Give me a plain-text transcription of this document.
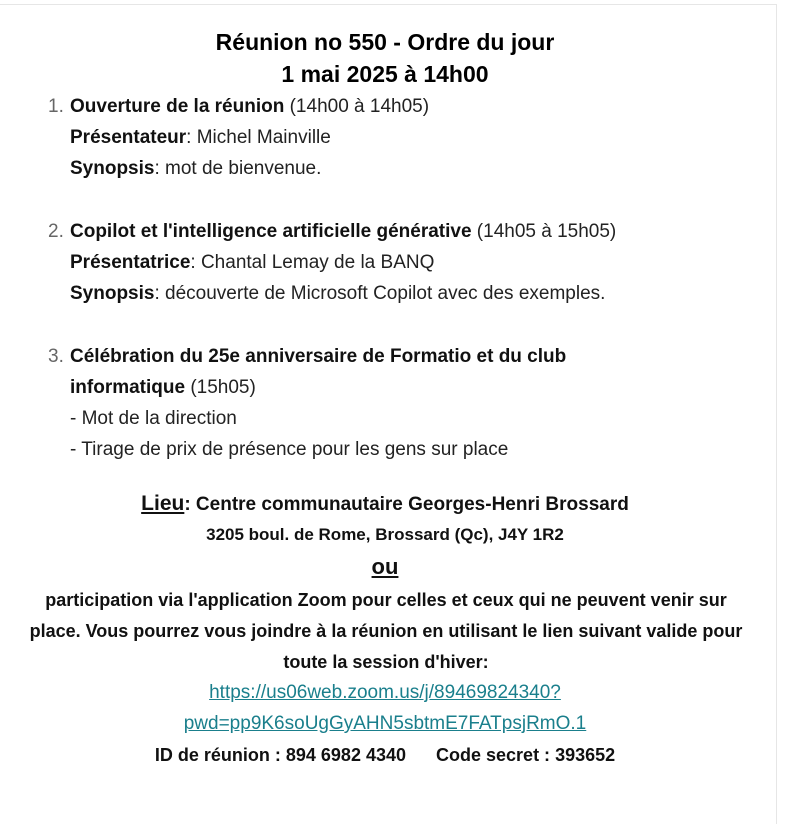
Réunion no 550 - Ordre du jour
1 mai 2025 à 14h00
1. Ouverture de la réunion (14h00 à 14h05)
Présentateur: Michel Mainville
Synopsis: mot de bienvenue.
2. Copilot et l'intelligence artificielle générative (14h05 à 15h05)
Présentatrice: Chantal Lemay de la BANQ
Synopsis: découverte de Microsoft Copilot avec des exemples.
3. Célébration du 25e anniversaire de Formatio et du club
informatique (15h05)
- Mot de la direction
- Tirage de prix de présence pour les gens sur place
Lieu: Centre communautaire Georges-Henri Brossard
3205 boul. de Rome, Brossard (Qc), J4Y 1R2
ou
participation via l'application Zoom pour celles et ceux qui ne peuvent venir sur place. Vous pourrez vous joindre à la réunion en utilisant le lien suivant valide pour toute la session d'hiver:
https://us06web.zoom.us/j/89469824340?
pwd=pp9K6soUgGyAHN5sbtmE7FATpsjRmO.1
ID de réunion : 894 6982 4340 Code secret : 393652
